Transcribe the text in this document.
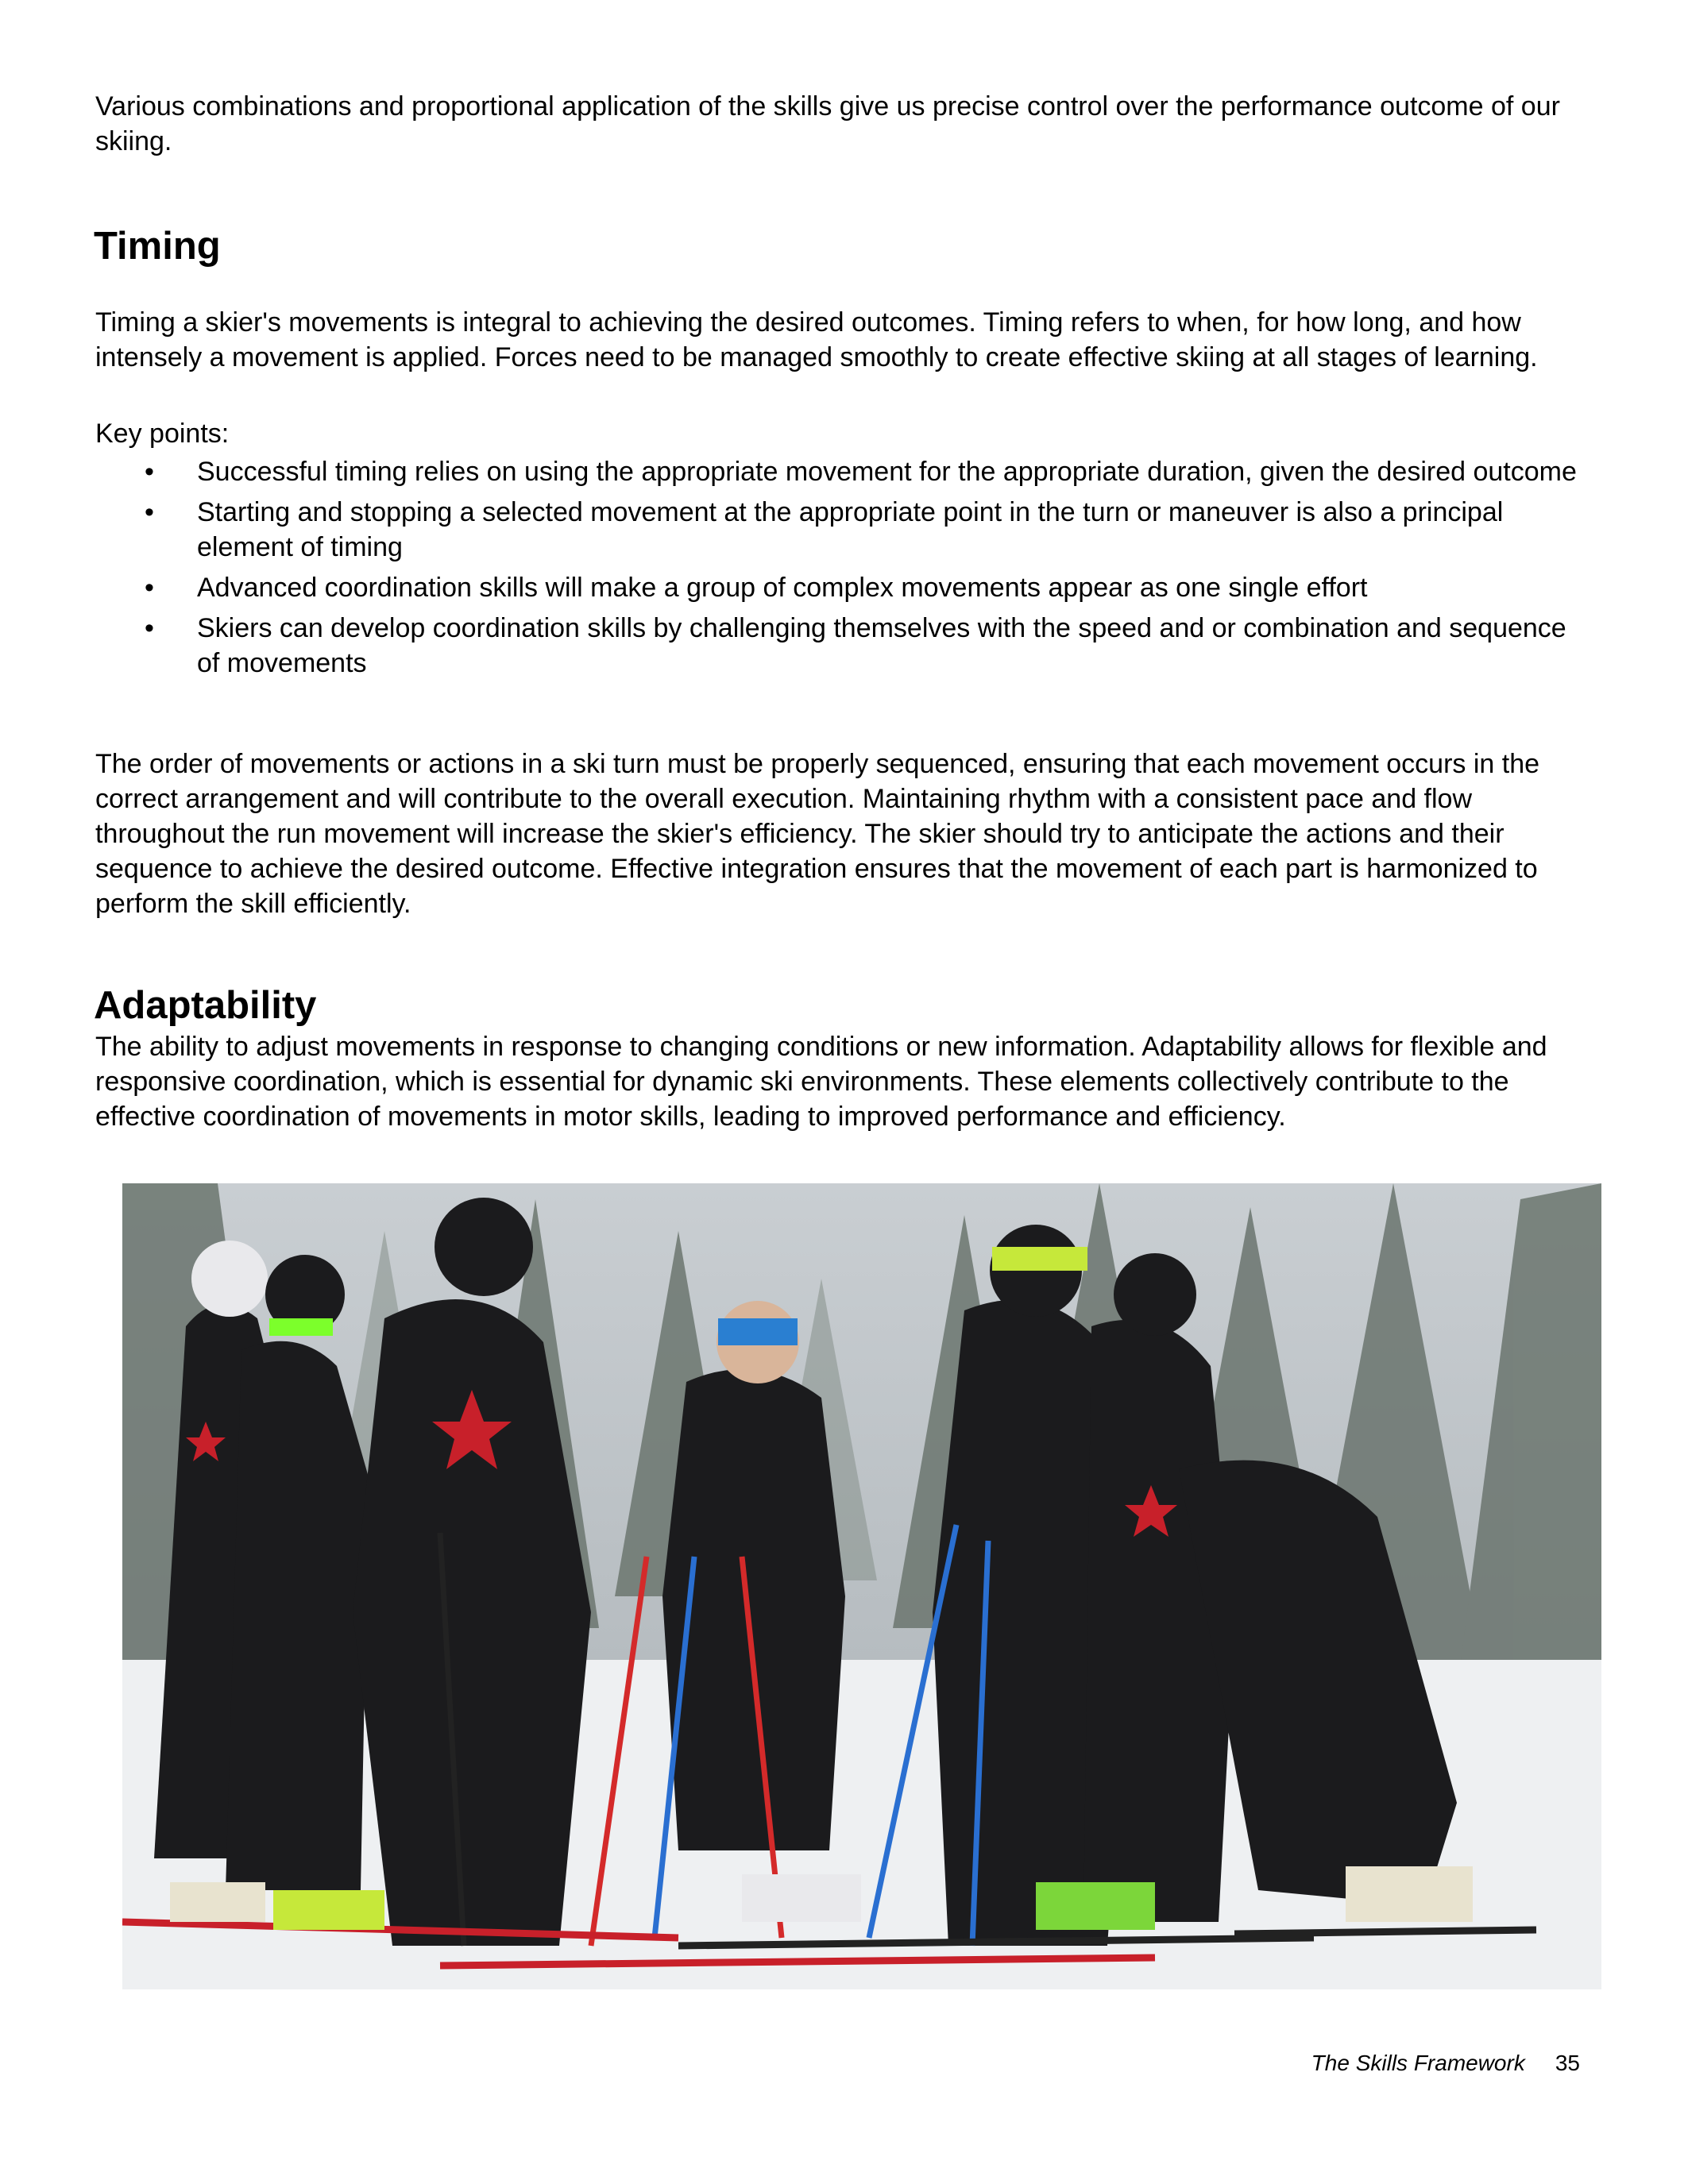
Various combinations and proportional application of the skills give us precise control over the performance outcome of our skiing.

Timing

Timing a skier's movements is integral to achieving the desired outcomes. Timing refers to when, for how long, and how intensely a movement is applied. Forces need to be managed smoothly to create effective skiing at all stages of learning.

Key points:

• Successful timing relies on using the appropriate movement for the appropriate duration, given the desired outcome
• Starting and stopping a selected movement at the appropriate point in the turn or maneuver is also a principal element of timing
• Advanced coordination skills will make a group of complex movements appear as one single effort
• Skiers can develop coordination skills by challenging themselves with the speed and or combination and sequence of movements

The order of movements or actions in a ski turn must be properly sequenced, ensuring that each movement occurs in the correct arrangement and will contribute to the overall execution. Maintaining rhythm with a consistent pace and flow throughout the run movement will increase the skier's efficiency. The skier should try to anticipate the actions and their sequence to achieve the desired outcome. Effective integration ensures that the movement of each part is harmonized to perform the skill efficiently.

Adaptability

The ability to adjust movements in response to changing conditions or new information. Adaptability allows for flexible and responsive coordination, which is essential for dynamic ski environments. These elements collectively contribute to the effective coordination of movements in motor skills, leading to improved performance and efficiency.

The Skills Framework 35
